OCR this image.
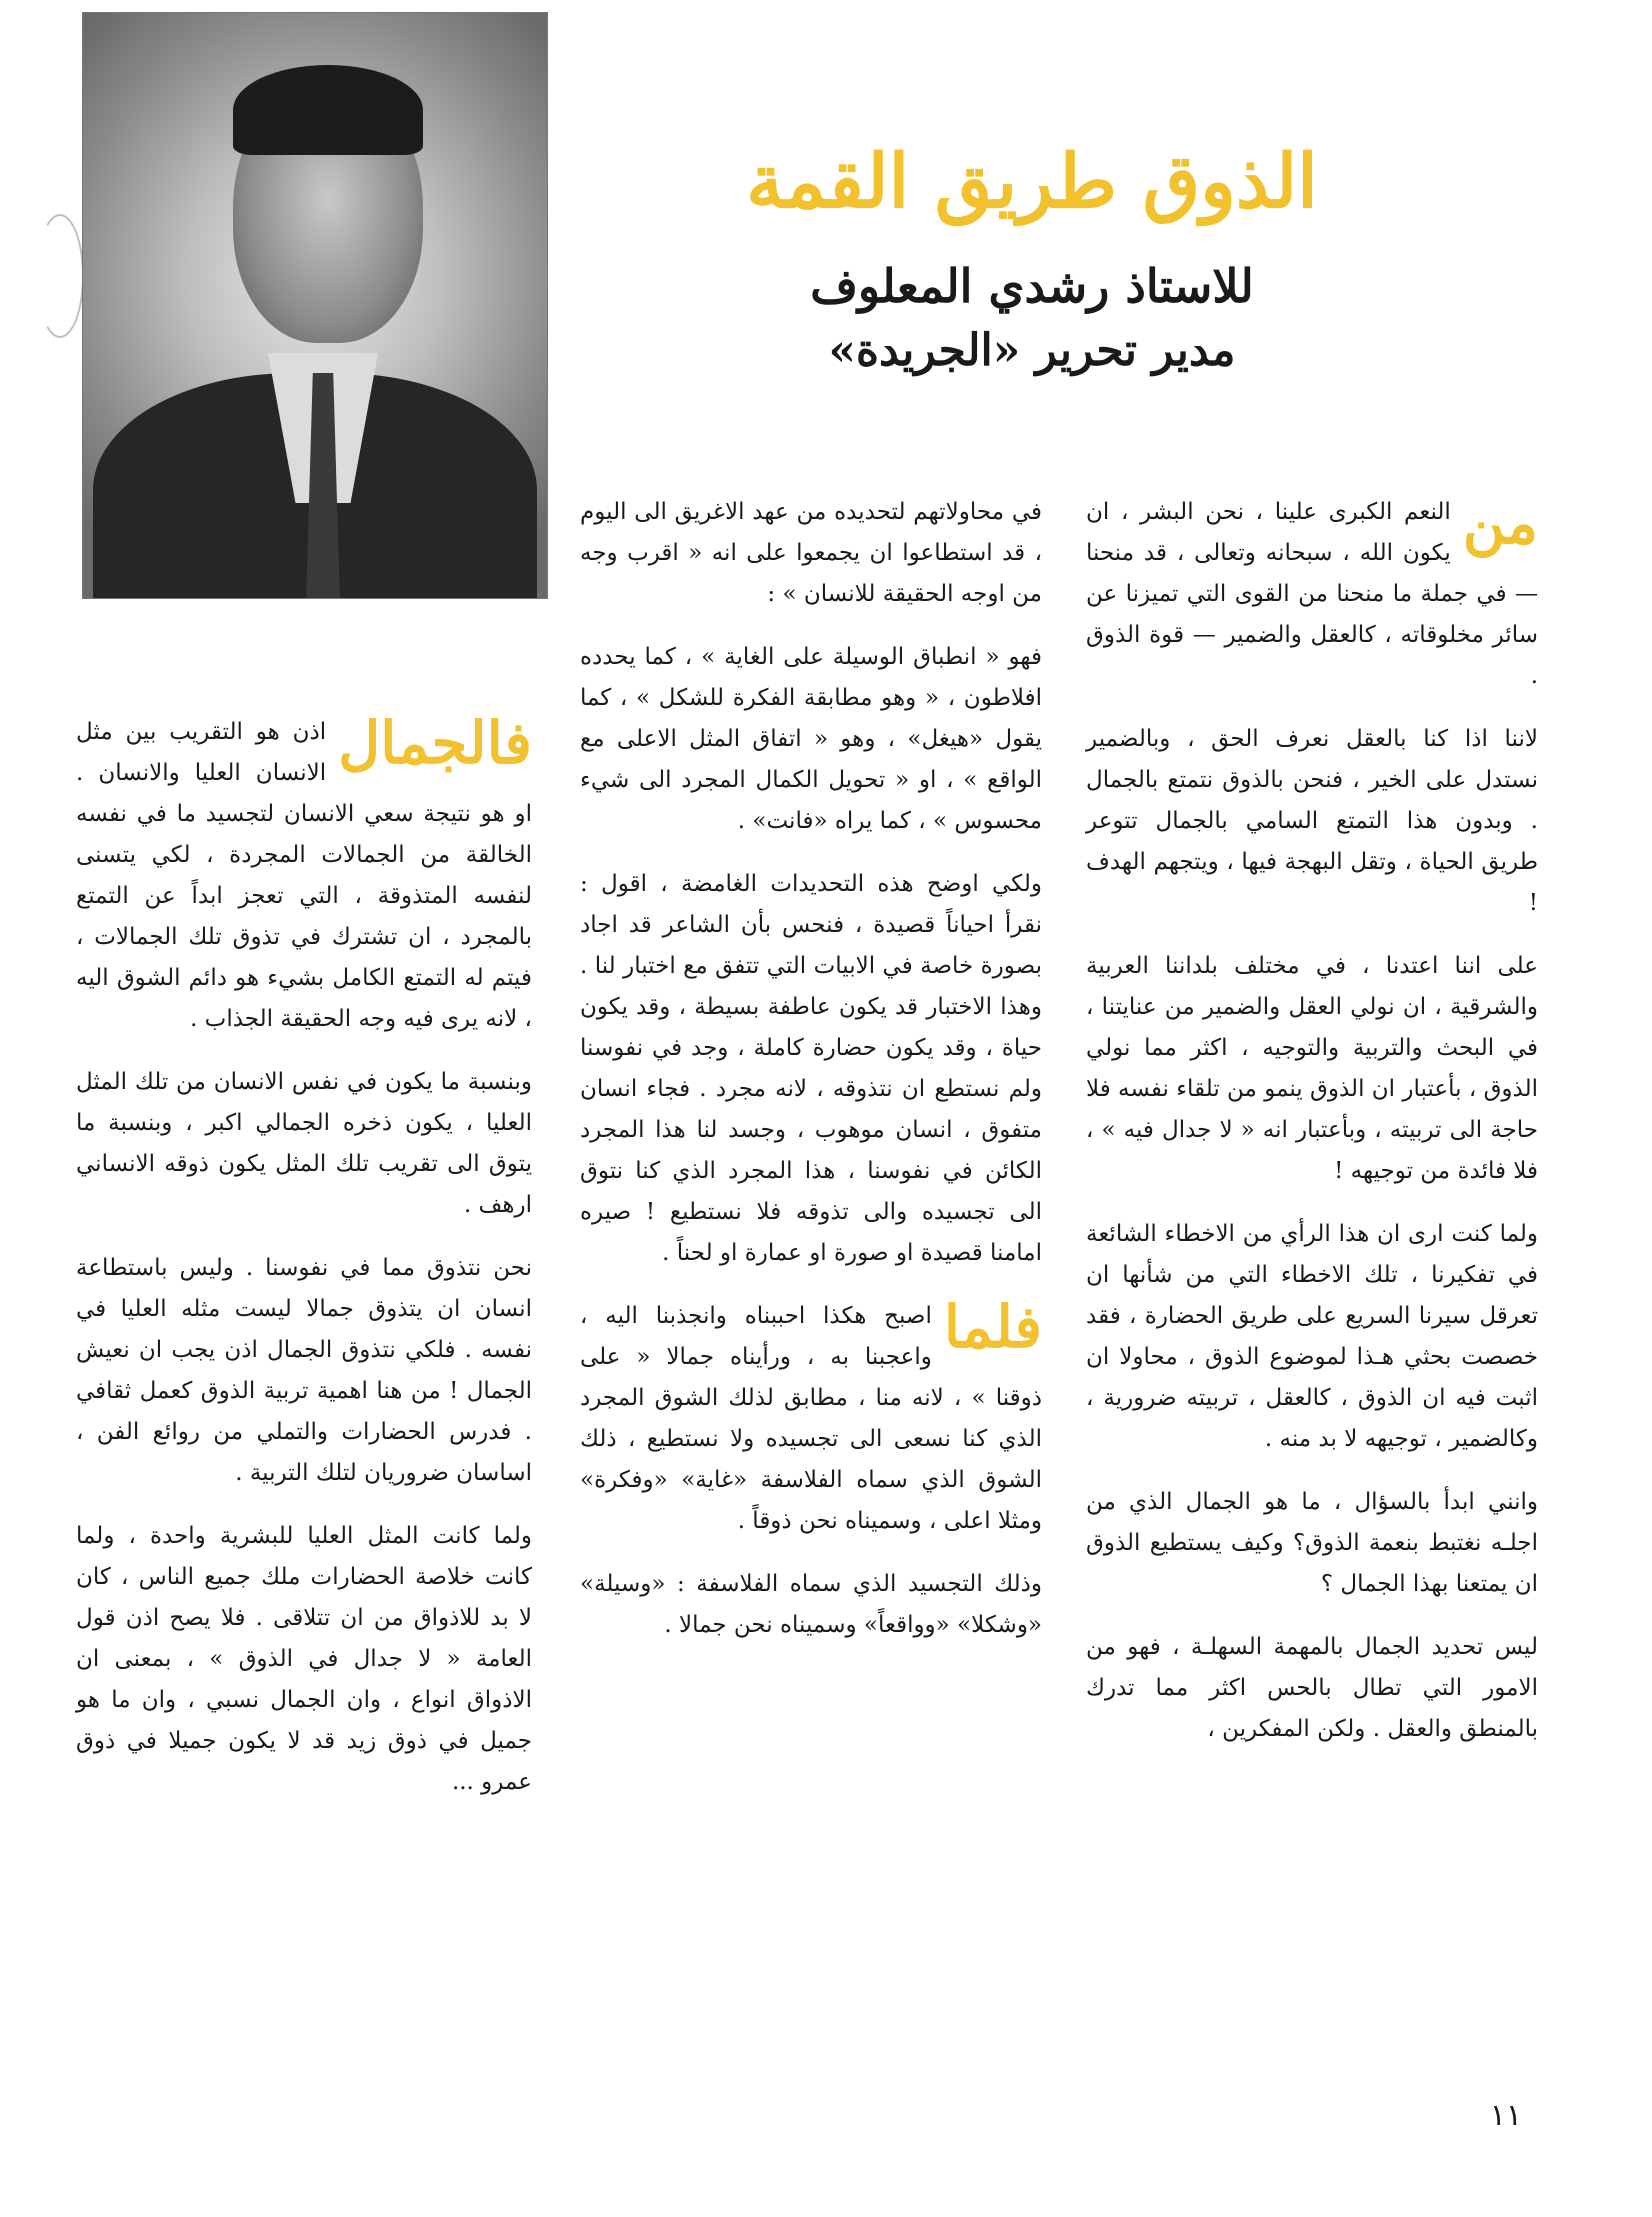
الذوق طريق القمة
للاستاذ رشدي المعلوف
مدير تحرير «الجريدة»

من
النعم الكبرى علينا ، نحن البشر ، ان يكون الله ، سبحانه وتعالى ، قد منحنا — في جملة ما منحنا من القوى التي تميزنا عن سائر مخلوقاته ، كالعقل والضمير — قوة الذوق .

لاننا اذا كنا بالعقل نعرف الحق ، وبالضمير نستدل على الخير ، فنحن بالذوق نتمتع بالجمال . وبدون هذا التمتع السامي بالجمال تتوعر طريق الحياة ، وتقل البهجة فيها ، ويتجهم الهدف !

على اننا اعتدنا ، في مختلف بلداننا العربية والشرقية ، ان نولي العقل والضمير من عنايتنا ، في البحث والتربية والتوجيه ، اكثر مما نولي الذوق ، بأعتبار ان الذوق ينمو من تلقاء نفسه فلا حاجة الى تربيته ، وبأعتبار انه « لا جدال فيه » ، فلا فائدة من توجيهه !

ولما كنت ارى ان هذا الرأي من الاخطاء الشائعة في تفكيرنا ، تلك الاخطاء التي من شأنها ان تعرقل سيرنا السريع على طريق الحضارة ، فقد خصصت بحثي هـذا لموضوع الذوق ، محاولا ان اثبت فيه ان الذوق ، كالعقل ، تربيته ضرورية ، وكالضمير ، توجيهه لا بد منه .

وانني ابدأ بالسؤال ، ما هو الجمال الذي من اجلـه نغتبط بنعمة الذوق؟ وكيف يستطيع الذوق ان يمتعنا بهذا الجمال ؟

ليس تحديد الجمال بالمهمة السهلـة ، فهو من الامور التي تطال بالحس اكثر مما تدرك بالمنطق والعقل . ولكن المفكرين ،

في محاولاتهم لتحديده من عهد الاغريق الى اليوم ، قد استطاعوا ان يجمعوا على انه « اقرب وجه من اوجه الحقيقة للانسان » :

فهو « انطباق الوسيلة على الغاية » ، كما يحدده افلاطون ، « وهو مطابقة الفكرة للشكل » ، كما يقول «هيغل» ، وهو « اتفاق المثل الاعلى مع الواقع » ، او « تحويل الكمال المجرد الى شيء محسوس » ، كما يراه «فانت» .

ولكي اوضح هذه التحديدات الغامضة ، اقول : نقرأ احياناً قصيدة ، فنحس بأن الشاعر قد اجاد بصورة خاصة في الابيات التي تتفق مع اختبار لنا . وهذا الاختبار قد يكون عاطفة بسيطة ، وقد يكون حياة ، وقد يكون حضارة كاملة ، وجد في نفوسنا ولم نستطع ان نتذوقه ، لانه مجرد . فجاء انسان متفوق ، انسان موهوب ، وجسد لنا هذا المجرد الكائن في نفوسنا ، هذا المجرد الذي كنا نتوق الى تجسيده والى تذوقه فلا نستطيع ! صيره امامنا قصيدة او صورة او عمارة او لحناً .

فلما
اصبح هكذا احببناه وانجذبنا اليه ، واعجبنا به ، ورأيناه جمالا « على ذوقنا » ، لانه منا ، مطابق لذلك الشوق المجرد الذي كنا نسعى الى تجسيده ولا نستطيع ، ذلك الشوق الذي سماه الفلاسفة «غاية» «وفكرة» ومثلا اعلى ، وسميناه نحن ذوقاً .

وذلك التجسيد الذي سماه الفلاسفة : «وسيلة» «وشكلا» «وواقعاً» وسميناه نحن جمالا .

فالجمال
اذن هو التقريب بين مثل الانسان العليا والانسان . او هو نتيجة سعي الانسان لتجسيد ما في نفسه الخالقة من الجمالات المجردة ، لكي يتسنى لنفسه المتذوقة ، التي تعجز ابداً عن التمتع بالمجرد ، ان تشترك في تذوق تلك الجمالات ، فيتم له التمتع الكامل بشيء هو دائم الشوق اليه ، لانه يرى فيه وجه الحقيقة الجذاب .

وبنسبة ما يكون في نفس الانسان من تلك المثل العليا ، يكون ذخره الجمالي اكبر ، وبنسبة ما يتوق الى تقريب تلك المثل يكون ذوقه الانساني ارهف .

نحن نتذوق مما في نفوسنا . وليس باستطاعة انسان ان يتذوق جمالا ليست مثله العليا في نفسه . فلكي نتذوق الجمال اذن يجب ان نعيش الجمال ! من هنا اهمية تربية الذوق كعمل ثقافي . فدرس الحضارات والتملي من روائع الفن ، اساسان ضروريان لتلك التربية .

ولما كانت المثل العليا للبشرية واحدة ، ولما كانت خلاصة الحضارات ملك جميع الناس ، كان لا بد للاذواق من ان تتلاقى . فلا يصح اذن قول العامة « لا جدال في الذوق » ، بمعنى ان الاذواق انواع ، وان الجمال نسبي ، وان ما هو جميل في ذوق زيد قد لا يكون جميلا في ذوق عمرو ...

١١
